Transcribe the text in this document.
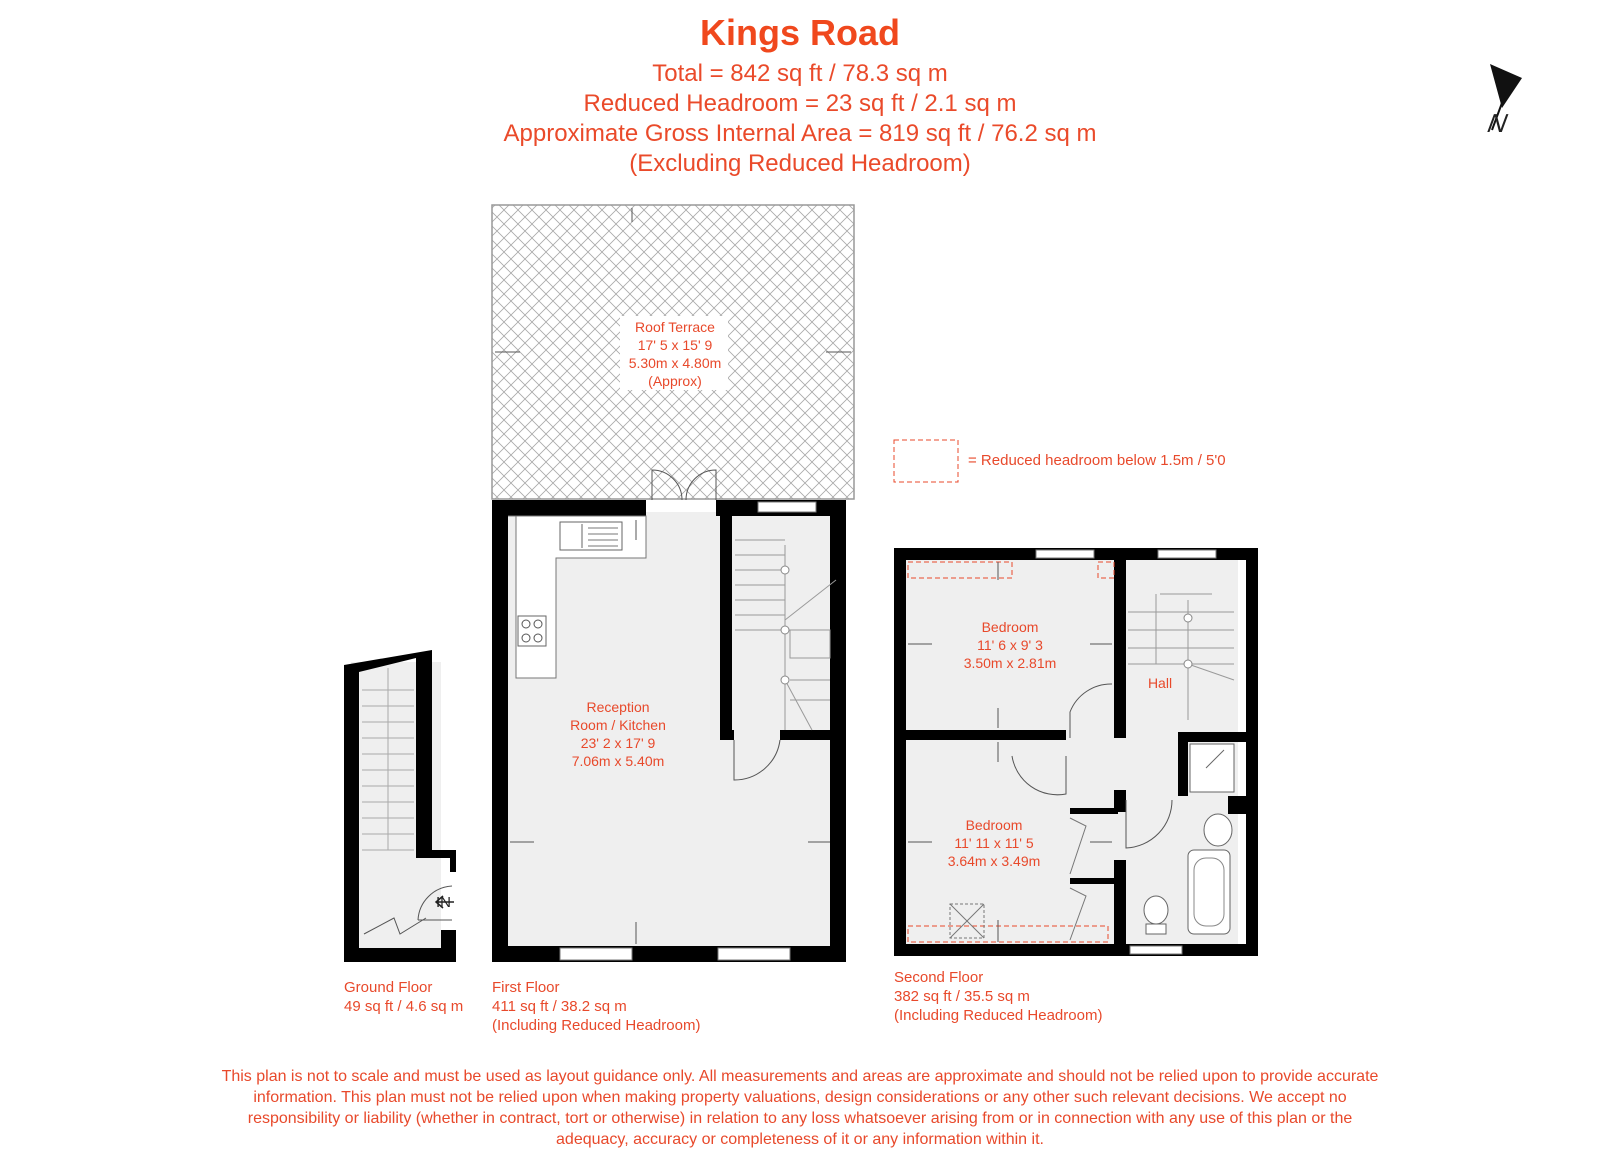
Kings Road
Total = 842 sq ft / 78.3 sq m
Reduced Headroom = 23 sq ft / 2.1 sq m
Approximate Gross Internal Area = 819 sq ft / 76.2 sq m
(Excluding Reduced Headroom)
N
Roof Terrace
17' 5 x 15' 9
5.30m x 4.80m
(Approx)
Reception
Room / Kitchen
23' 2 x 17' 9
7.06m x 5.40m
Bedroom
11' 6 x 9' 3
3.50m x 2.81m
Bedroom
11' 11 x 11' 5
3.64m x 3.49m
Hall
IN
= Reduced headroom below 1.5m / 5'0
Ground Floor
49 sq ft / 4.6 sq m
First Floor
411 sq ft / 38.2 sq m
(Including Reduced Headroom)
Second Floor
382 sq ft / 35.5 sq m
(Including Reduced Headroom)
This plan is not to scale and must be used as layout guidance only. All measurements and areas are approximate and should not be relied upon to provide accurate information. This plan must not be relied upon when making property valuations, design considerations or any other such relevant decisions. We accept no responsibility or liability (whether in contract, tort or otherwise) in relation to any loss whatsoever arising from or in connection with any use of this plan or the adequacy, accuracy or completeness of it or any information within it.
